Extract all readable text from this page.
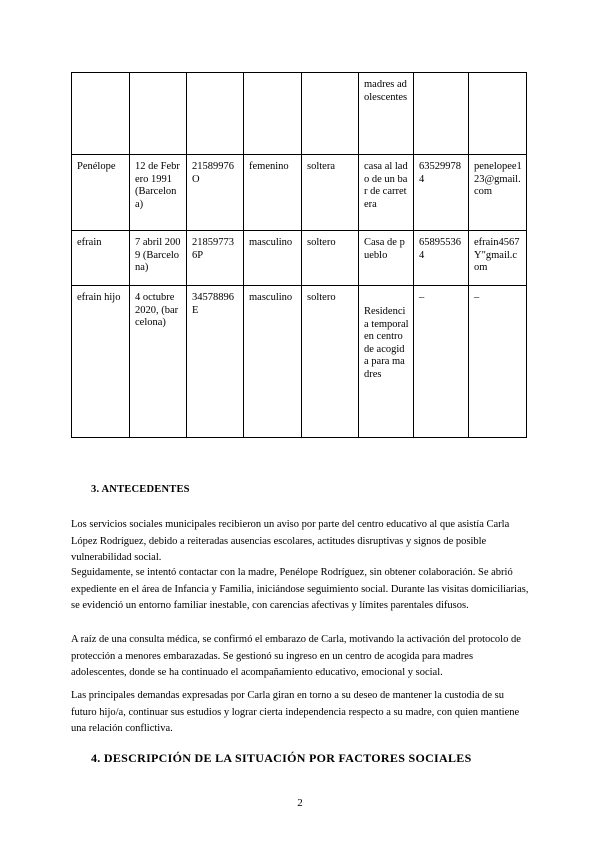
					madres adolescentes		
Penélope	12 de Febrero 1991 (Barcelona)	21589976O	femenino	soltera	casa al lado de un bar de carretera	635299784	penelopee123@gmail.com
efrain	7 abril 2009 (Barcelona)	218597736P	masculino	soltero	Casa de pueblo	658955364	efrain4567Y"gmail.com
efrain hijo	4 octubre 2020, (barcelona)	34578896E	masculino	soltero	Residencia temporal en centro de acogida para madres	–	–
3. ANTECEDENTES

Los servicios sociales municipales recibieron un aviso por parte del centro educativo al que asistía Carla López Rodríguez, debido a reiteradas ausencias escolares, actitudes disruptivas y signos de posible vulnerabilidad social.

Seguidamente, se intentó contactar con la madre, Penélope Rodríguez, sin obtener colaboración. Se abrió expediente en el área de Infancia y Familia, iniciándose seguimiento social. Durante las visitas domiciliarias, se evidenció un entorno familiar inestable, con carencias afectivas y límites parentales difusos.

A raíz de una consulta médica, se confirmó el embarazo de Carla, motivando la activación del protocolo de protección a menores embarazadas. Se gestionó su ingreso en un centro de acogida para madres adolescentes, donde se ha continuado el acompañamiento educativo, emocional y social.

Las principales demandas expresadas por Carla giran en torno a su deseo de mantener la custodia de su futuro hijo/a, continuar sus estudios y lograr cierta independencia respecto a su madre, con quien mantiene una relación conflictiva.

4. DESCRIPCIÓN DE LA SITUACIÓN POR FACTORES SOCIALES
2
